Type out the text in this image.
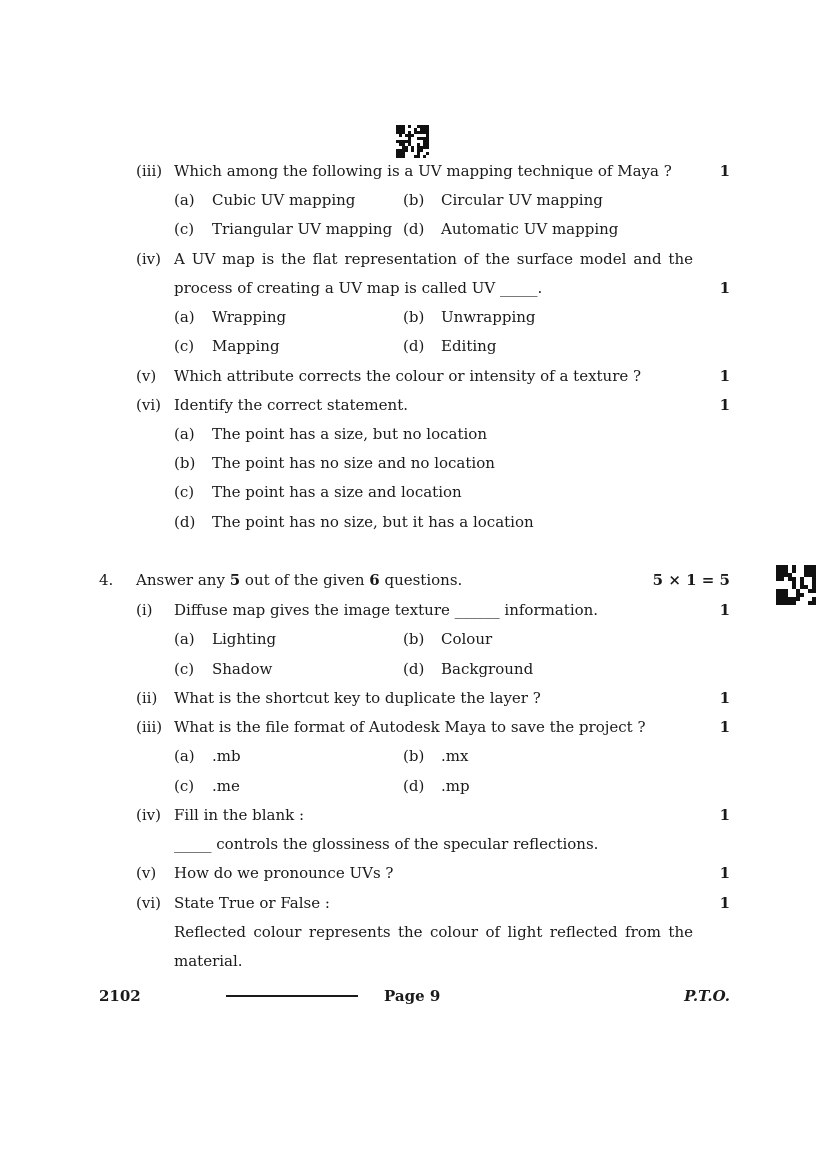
(iii) Which among the following is a UV mapping technique of Maya ?	1
(a) Cubic UV mapping	(b) Circular UV mapping
(c) Triangular UV mapping (d) Automatic UV mapping
(iv) A UV map is the flat representation of the surface model and the
process of creating a UV map is called UV _____.	1
(a) Wrapping	(b) Unwrapping
(c) Mapping	(d) Editing
(v) Which attribute corrects the colour or intensity of a texture ?	1
(vi) Identify the correct statement.	1
(a) The point has a size, but no location
(b) The point has no size and no location
(c) The point has a size and location
(d) The point has no size, but it has a location
4. Answer any 5 out of the given 6 questions.	5 × 1 = 5
(i) Diffuse map gives the image texture ______ information.	1
(a) Lighting	(b) Colour
(c) Shadow	(d) Background
(ii) What is the shortcut key to duplicate the layer ?	1
(iii) What is the file format of Autodesk Maya to save the project ?	1
(a) .mb	(b) .mx
(c) .me	(d) .mp
(iv) Fill in the blank :	1
_____ controls the glossiness of the specular reflections.
(v) How do we pronounce UVs ?	1
(vi) State True or False :	1
Reflected colour represents the colour of light reflected from the
material.
2102	Page 9	P.T.O.
